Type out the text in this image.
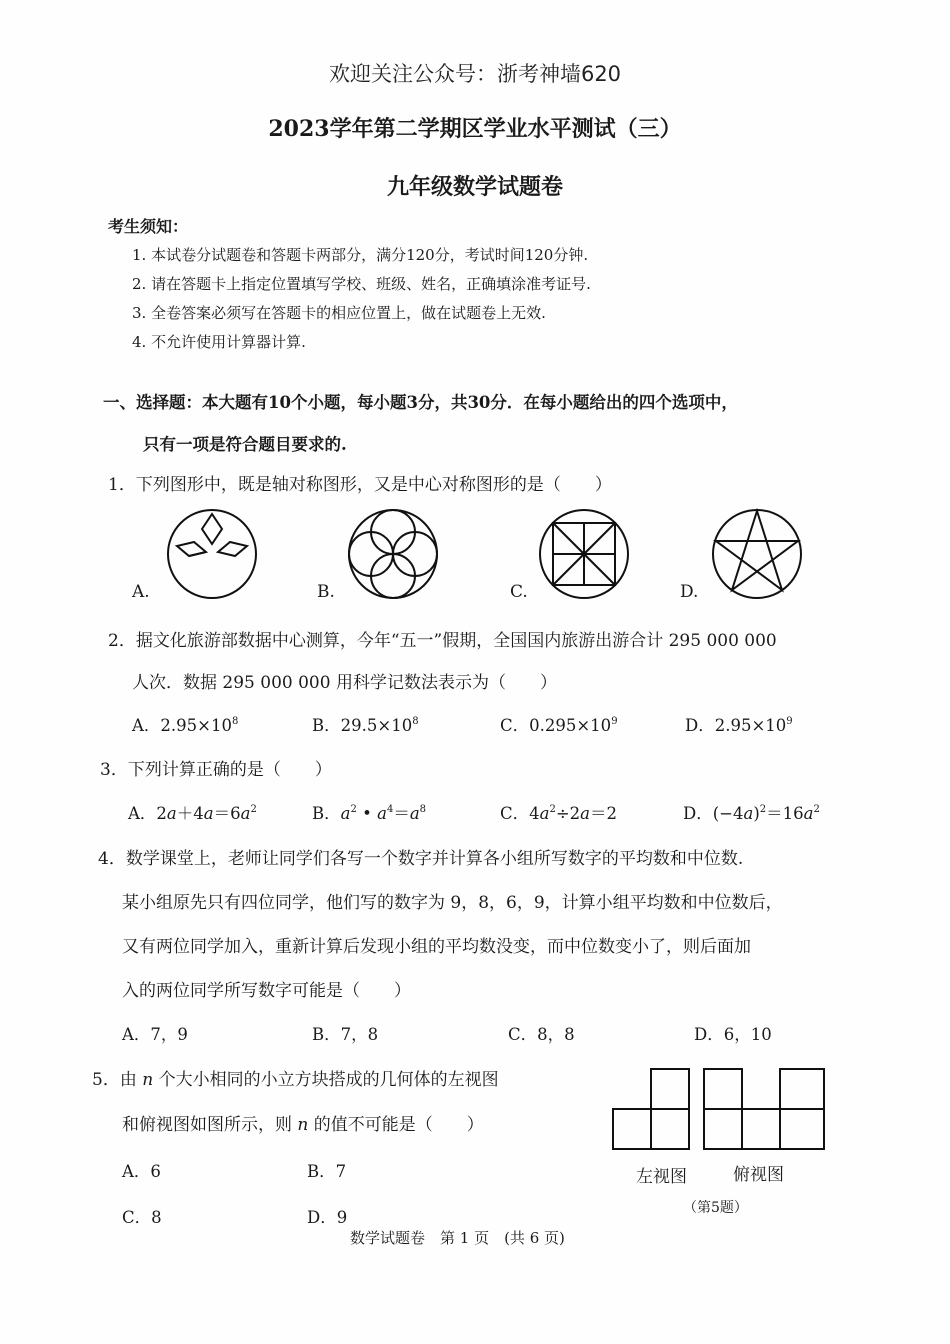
欢迎关注公众号：浙考神墙620
2023学年第二学期区学业水平测试（三）
九年级数学试题卷
考生须知：
1. 本试卷分试题卷和答题卡两部分，满分120分，考试时间120分钟.
2. 请在答题卡上指定位置填写学校、班级、姓名，正确填涂准考证号.
3. 全卷答案必须写在答题卡的相应位置上，做在试题卷上无效.
4. 不允许使用计算器计算.
一、选择题：本大题有10个小题，每小题3分，共30分．在每小题给出的四个选项中，
只有一项是符合题目要求的.
1．下列图形中，既是轴对称图形，又是中心对称图形的是（　　）
A.	B.	C.	D.
2．据文化旅游部数据中心测算，今年“五一”假期，全国国内旅游出游合计 295 000 000
人次．数据 295 000 000 用科学记数法表示为（　　）
A．$2.95\times 10^8$	B．$29.5\times 10^8$	C．$0.295\times 10^9$	D．$2.95\times 10^9$
3．下列计算正确的是（　　）
A．$2a+4a=6a^2$	B．$a^2$ • $a^4=a^8$	C．$4a^2\div 2a=2$	D．$(-4a)^2=16a^2$
4．数学课堂上，老师让同学们各写一个数字并计算各小组所写数字的平均数和中位数.
某小组原先只有四位同学，他们写的数字为 9，8，6，9，计算小组平均数和中位数后，
又有两位同学加入，重新计算后发现小组的平均数没变，而中位数变小了，则后面加
入的两位同学所写数字可能是（　　）
A．7，9	B．7，8	C．8，8	D．6，10
5．由 n 个大小相同的小立方块搭成的几何体的左视图
和俯视图如图所示，则 n 的值不可能是（　　）
A．6	B．7
C．8	D．9
左视图	俯视图
（第5题）
数学试题卷　第 1 页　(共 6 页)
